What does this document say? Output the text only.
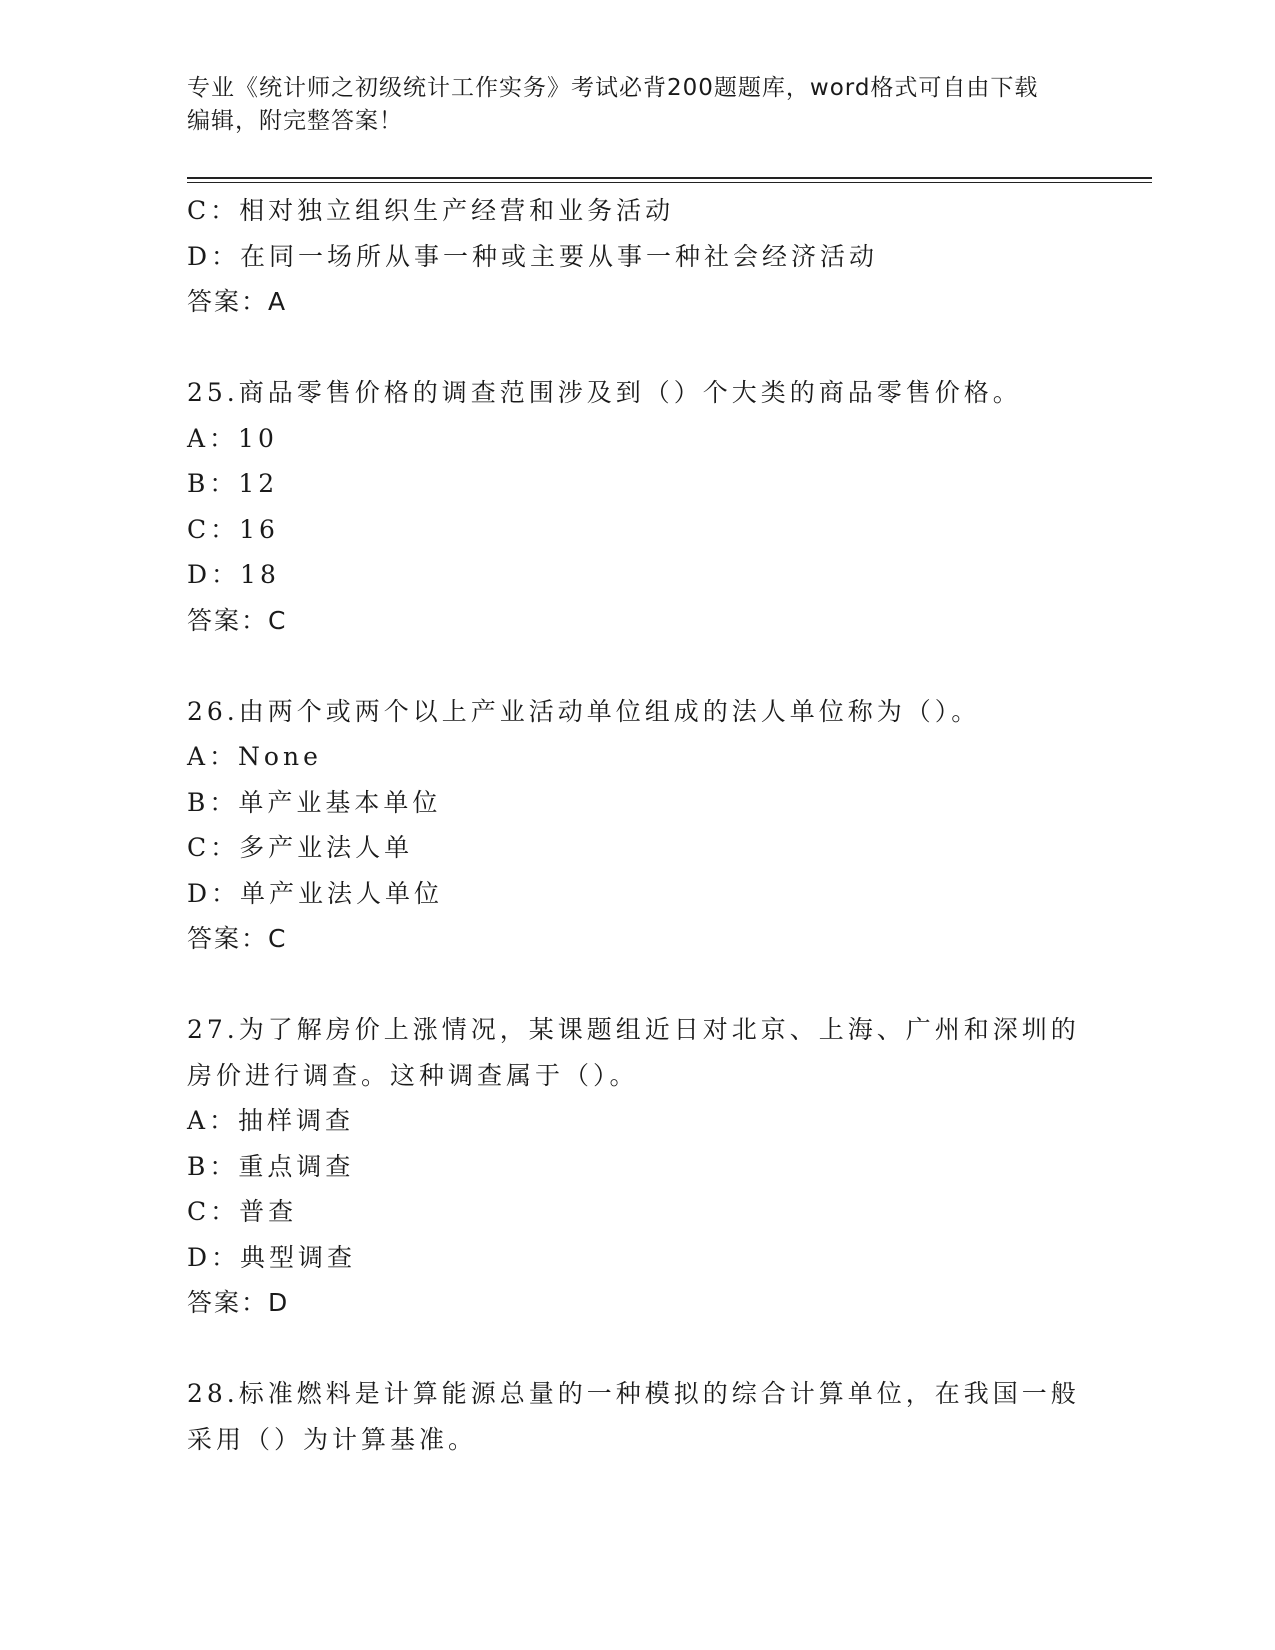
专业《统计师之初级统计工作实务》考试必背200题题库，word格式可自由下载
编辑，附完整答案！
C：相对独立组织生产经营和业务活动
D：在同一场所从事一种或主要从事一种社会经济活动
答案：A
25.商品零售价格的调查范围涉及到（）个大类的商品零售价格。
A：10
B：12
C：16
D：18
答案：C
26.由两个或两个以上产业活动单位组成的法人单位称为（）。
A：None
B：单产业基本单位
C：多产业法人单
D：单产业法人单位
答案：C
27.为了解房价上涨情况，某课题组近日对北京、上海、广州和深圳的
房价进行调查。这种调查属于（）。
A：抽样调查
B：重点调查
C：普查
D：典型调查
答案：D
28.标准燃料是计算能源总量的一种模拟的综合计算单位，在我国一般
采用（）为计算基准。
